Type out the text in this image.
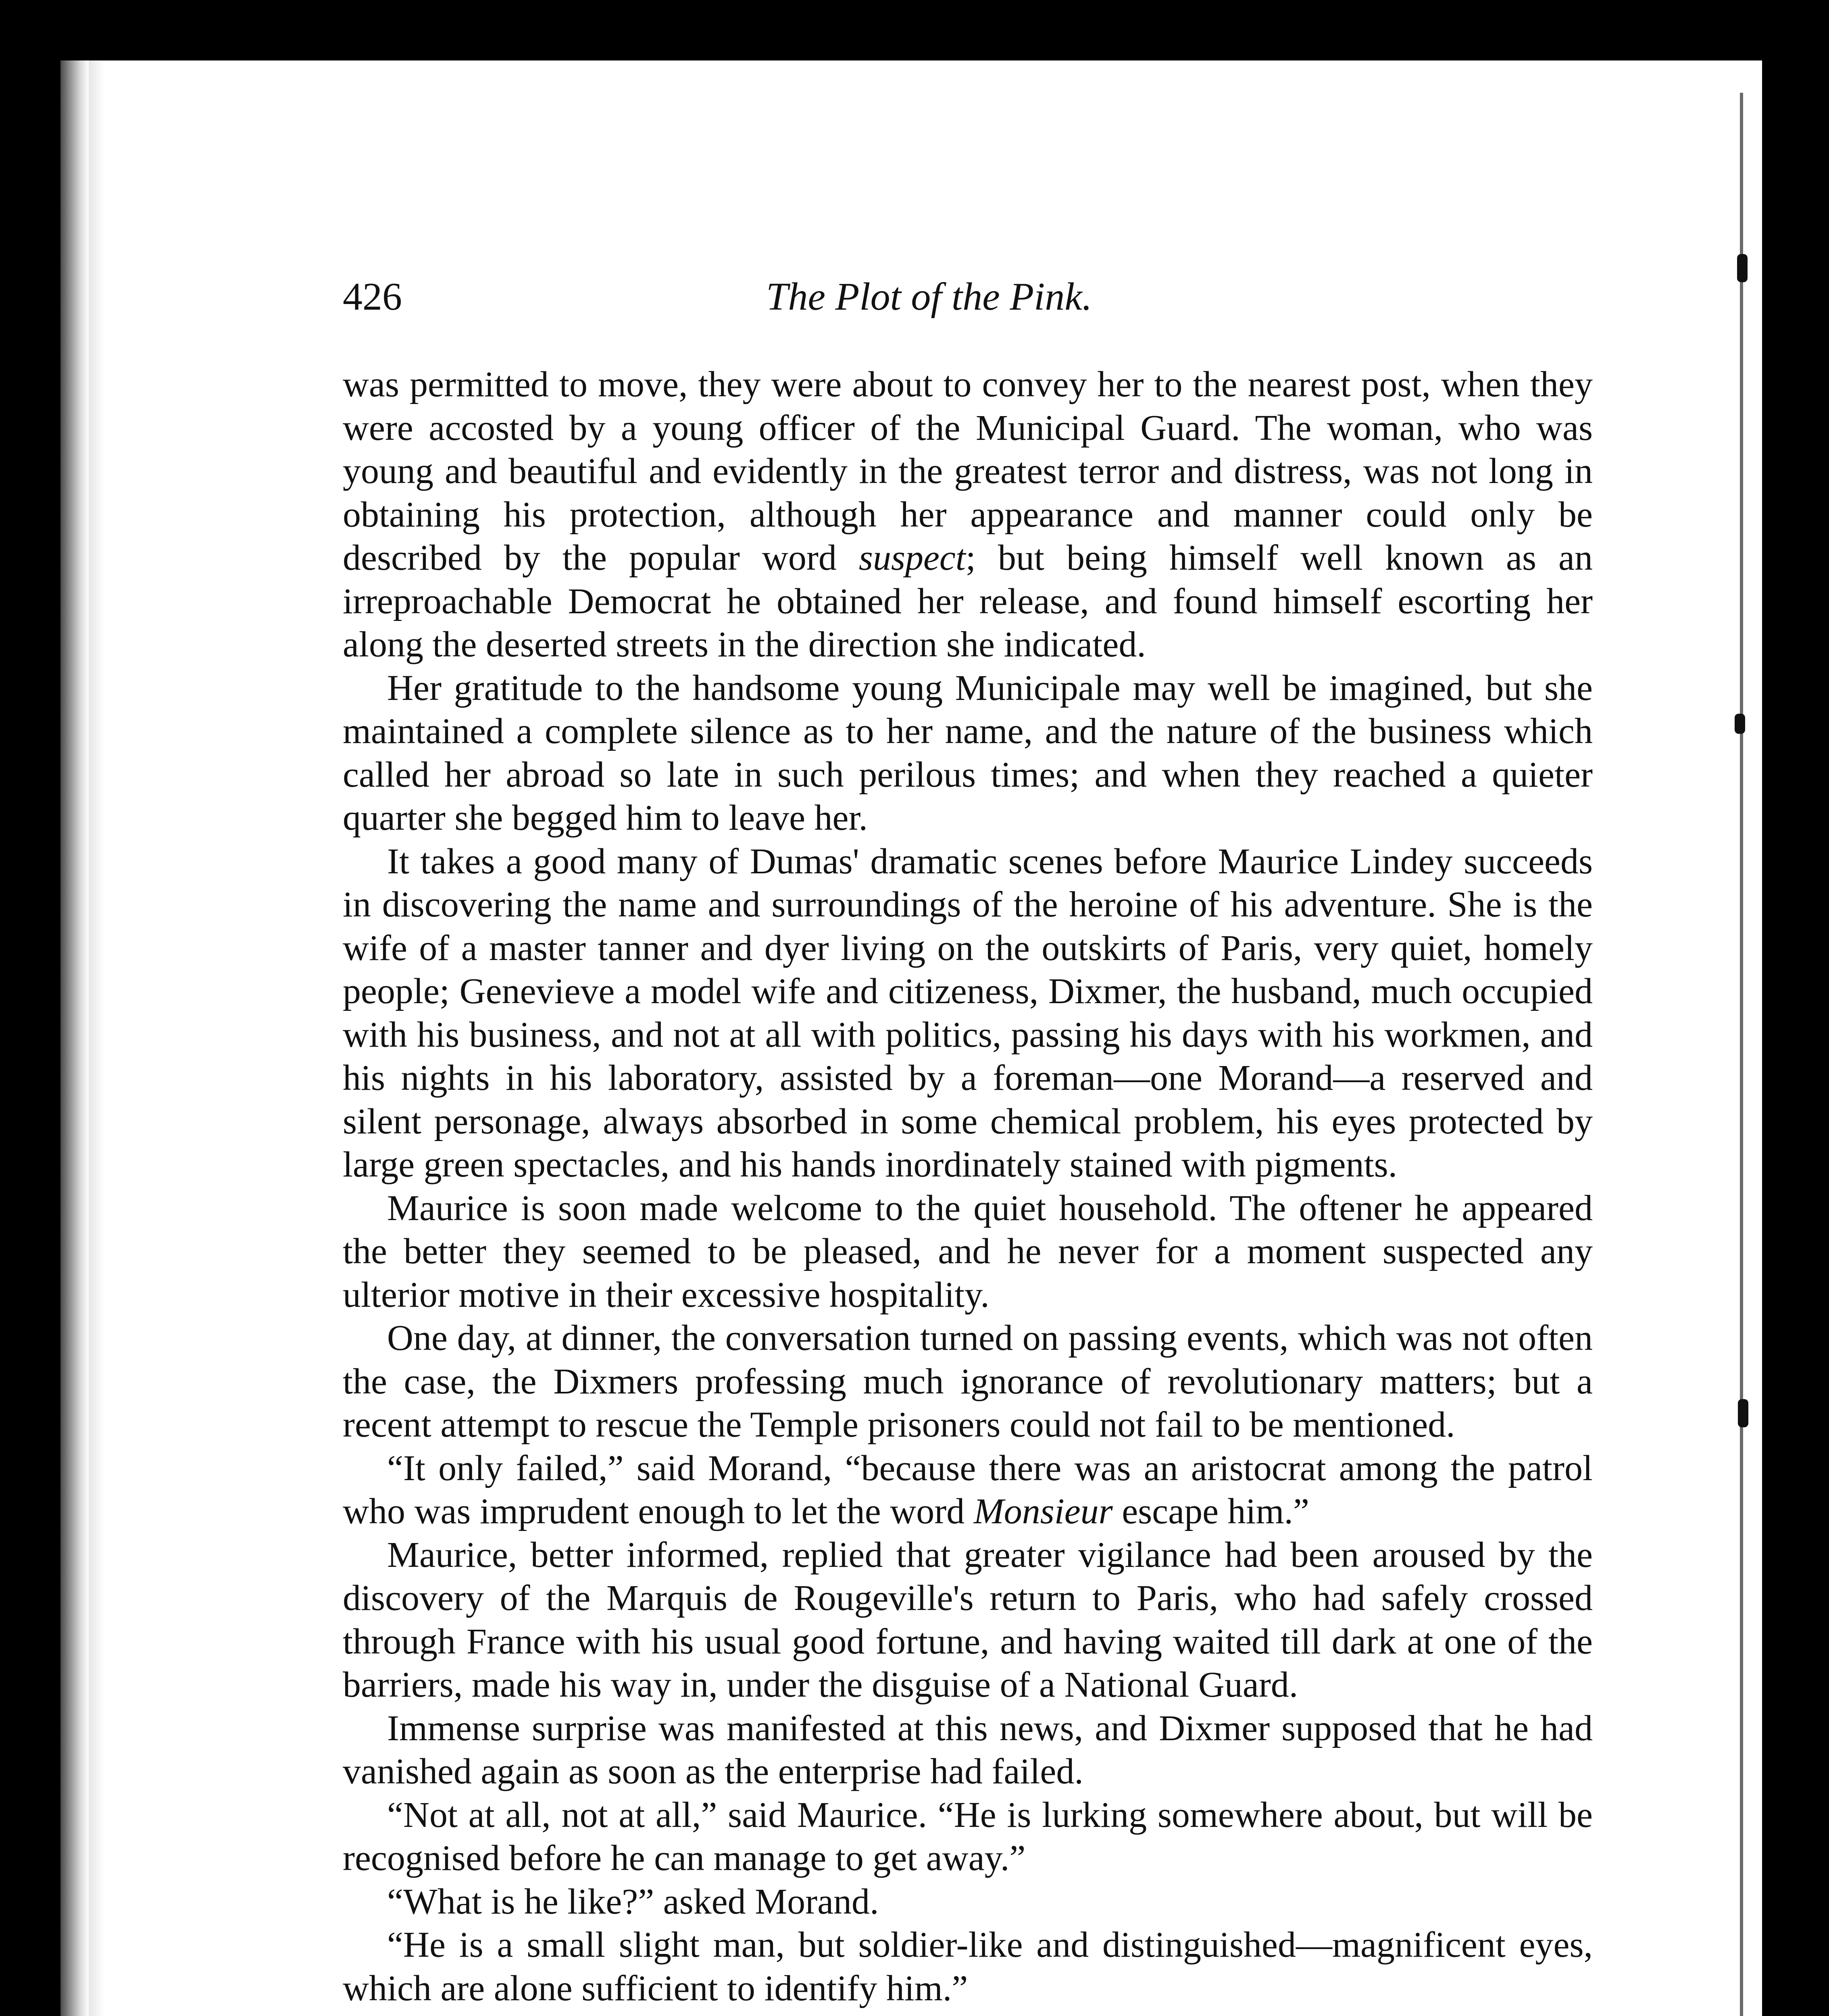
426	The Plot of the Pink.

was permitted to move, they were about to convey her to the nearest post, when they were accosted by a young officer of the Municipal Guard. The woman, who was young and beautiful and evidently in the greatest terror and distress, was not long in obtaining his protection, although her appearance and manner could only be described by the popular word suspect; but being himself well known as an irreproachable Democrat he obtained her release, and found himself escorting her along the deserted streets in the direction she indicated.

Her gratitude to the handsome young Municipale may well be imagined, but she maintained a complete silence as to her name, and the nature of the business which called her abroad so late in such perilous times; and when they reached a quieter quarter she begged him to leave her.

It takes a good many of Dumas' dramatic scenes before Maurice Lindey succeeds in discovering the name and surroundings of the heroine of his adventure. She is the wife of a master tanner and dyer living on the outskirts of Paris, very quiet, homely people; Genevieve a model wife and citizeness, Dixmer, the husband, much occupied with his business, and not at all with politics, passing his days with his workmen, and his nights in his laboratory, assisted by a foreman—one Morand—a reserved and silent personage, always absorbed in some chemical problem, his eyes protected by large green spectacles, and his hands inordinately stained with pigments.

Maurice is soon made welcome to the quiet household. The oftener he appeared the better they seemed to be pleased, and he never for a moment suspected any ulterior motive in their excessive hospitality.

One day, at dinner, the conversation turned on passing events, which was not often the case, the Dixmers professing much ignorance of revolutionary matters; but a recent attempt to rescue the Temple prisoners could not fail to be mentioned.

“It only failed,” said Morand, “because there was an aristocrat among the patrol who was imprudent enough to let the word Monsieur escape him.”

Maurice, better informed, replied that greater vigilance had been aroused by the discovery of the Marquis de Rougeville's return to Paris, who had safely crossed through France with his usual good fortune, and having waited till dark at one of the barriers, made his way in, under the disguise of a National Guard.

Immense surprise was manifested at this news, and Dixmer supposed that he had vanished again as soon as the enterprise had failed.

“Not at all, not at all,” said Maurice. “He is lurking somewhere about, but will be recognised before he can manage to get away.”

“What is he like?” asked Morand.

“He is a small slight man, but soldier-like and distinguished—magnificent eyes, which are alone sufficient to identify him.”
